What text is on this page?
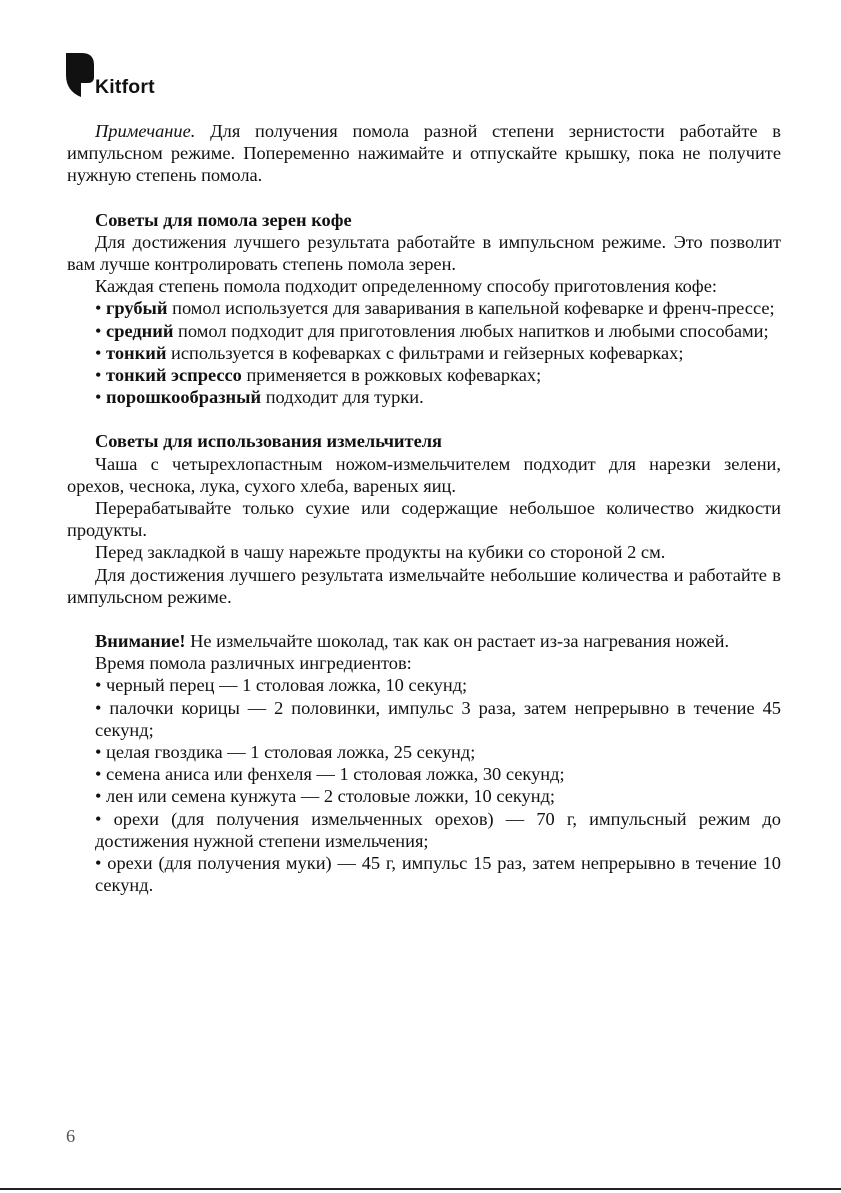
Kitfort

Примечание. Для получения помола разной степени зернистости работайте в импульсном режиме. Попеременно нажимайте и отпускайте крышку, пока не получите нужную степень помола.

Советы для помола зерен кофе

Для достижения лучшего результата работайте в импульсном режиме. Это позволит вам лучше контролировать степень помола зерен.

Каждая степень помола подходит определенному способу приготовления кофе:

• грубый помол используется для заваривания в капельной кофеварке и френч-прессе;

• средний помол подходит для приготовления любых напитков и любыми способами;

• тонкий используется в кофеварках с фильтрами и гейзерных кофеварках;

• тонкий эспрессо применяется в рожковых кофеварках;

• порошкообразный подходит для турки.

Советы для использования измельчителя

Чаша с четырехлопастным ножом-измельчителем подходит для нарезки зелени, орехов, чеснока, лука, сухого хлеба, вареных яиц.

Перерабатывайте только сухие или содержащие небольшое количество жидкости продукты.

Перед закладкой в чашу нарежьте продукты на кубики со стороной 2 см.

Для достижения лучшего результата измельчайте небольшие количества и работайте в импульсном режиме.

Внимание! Не измельчайте шоколад, так как он растает из-за нагревания ножей.

Время помола различных ингредиентов:

• черный перец — 1 столовая ложка, 10 секунд;

• палочки корицы — 2 половинки, импульс 3 раза, затем непрерывно в течение 45 секунд;

• целая гвоздика — 1 столовая ложка, 25 секунд;

• семена аниса или фенхеля — 1 столовая ложка, 30 секунд;

• лен или семена кунжута — 2 столовые ложки, 10 секунд;

• орехи (для получения измельченных орехов) — 70 г, импульсный режим до достижения нужной степени измельчения;

• орехи (для получения муки) — 45 г, импульс 15 раз, затем непрерывно в течение 10 секунд.

6
